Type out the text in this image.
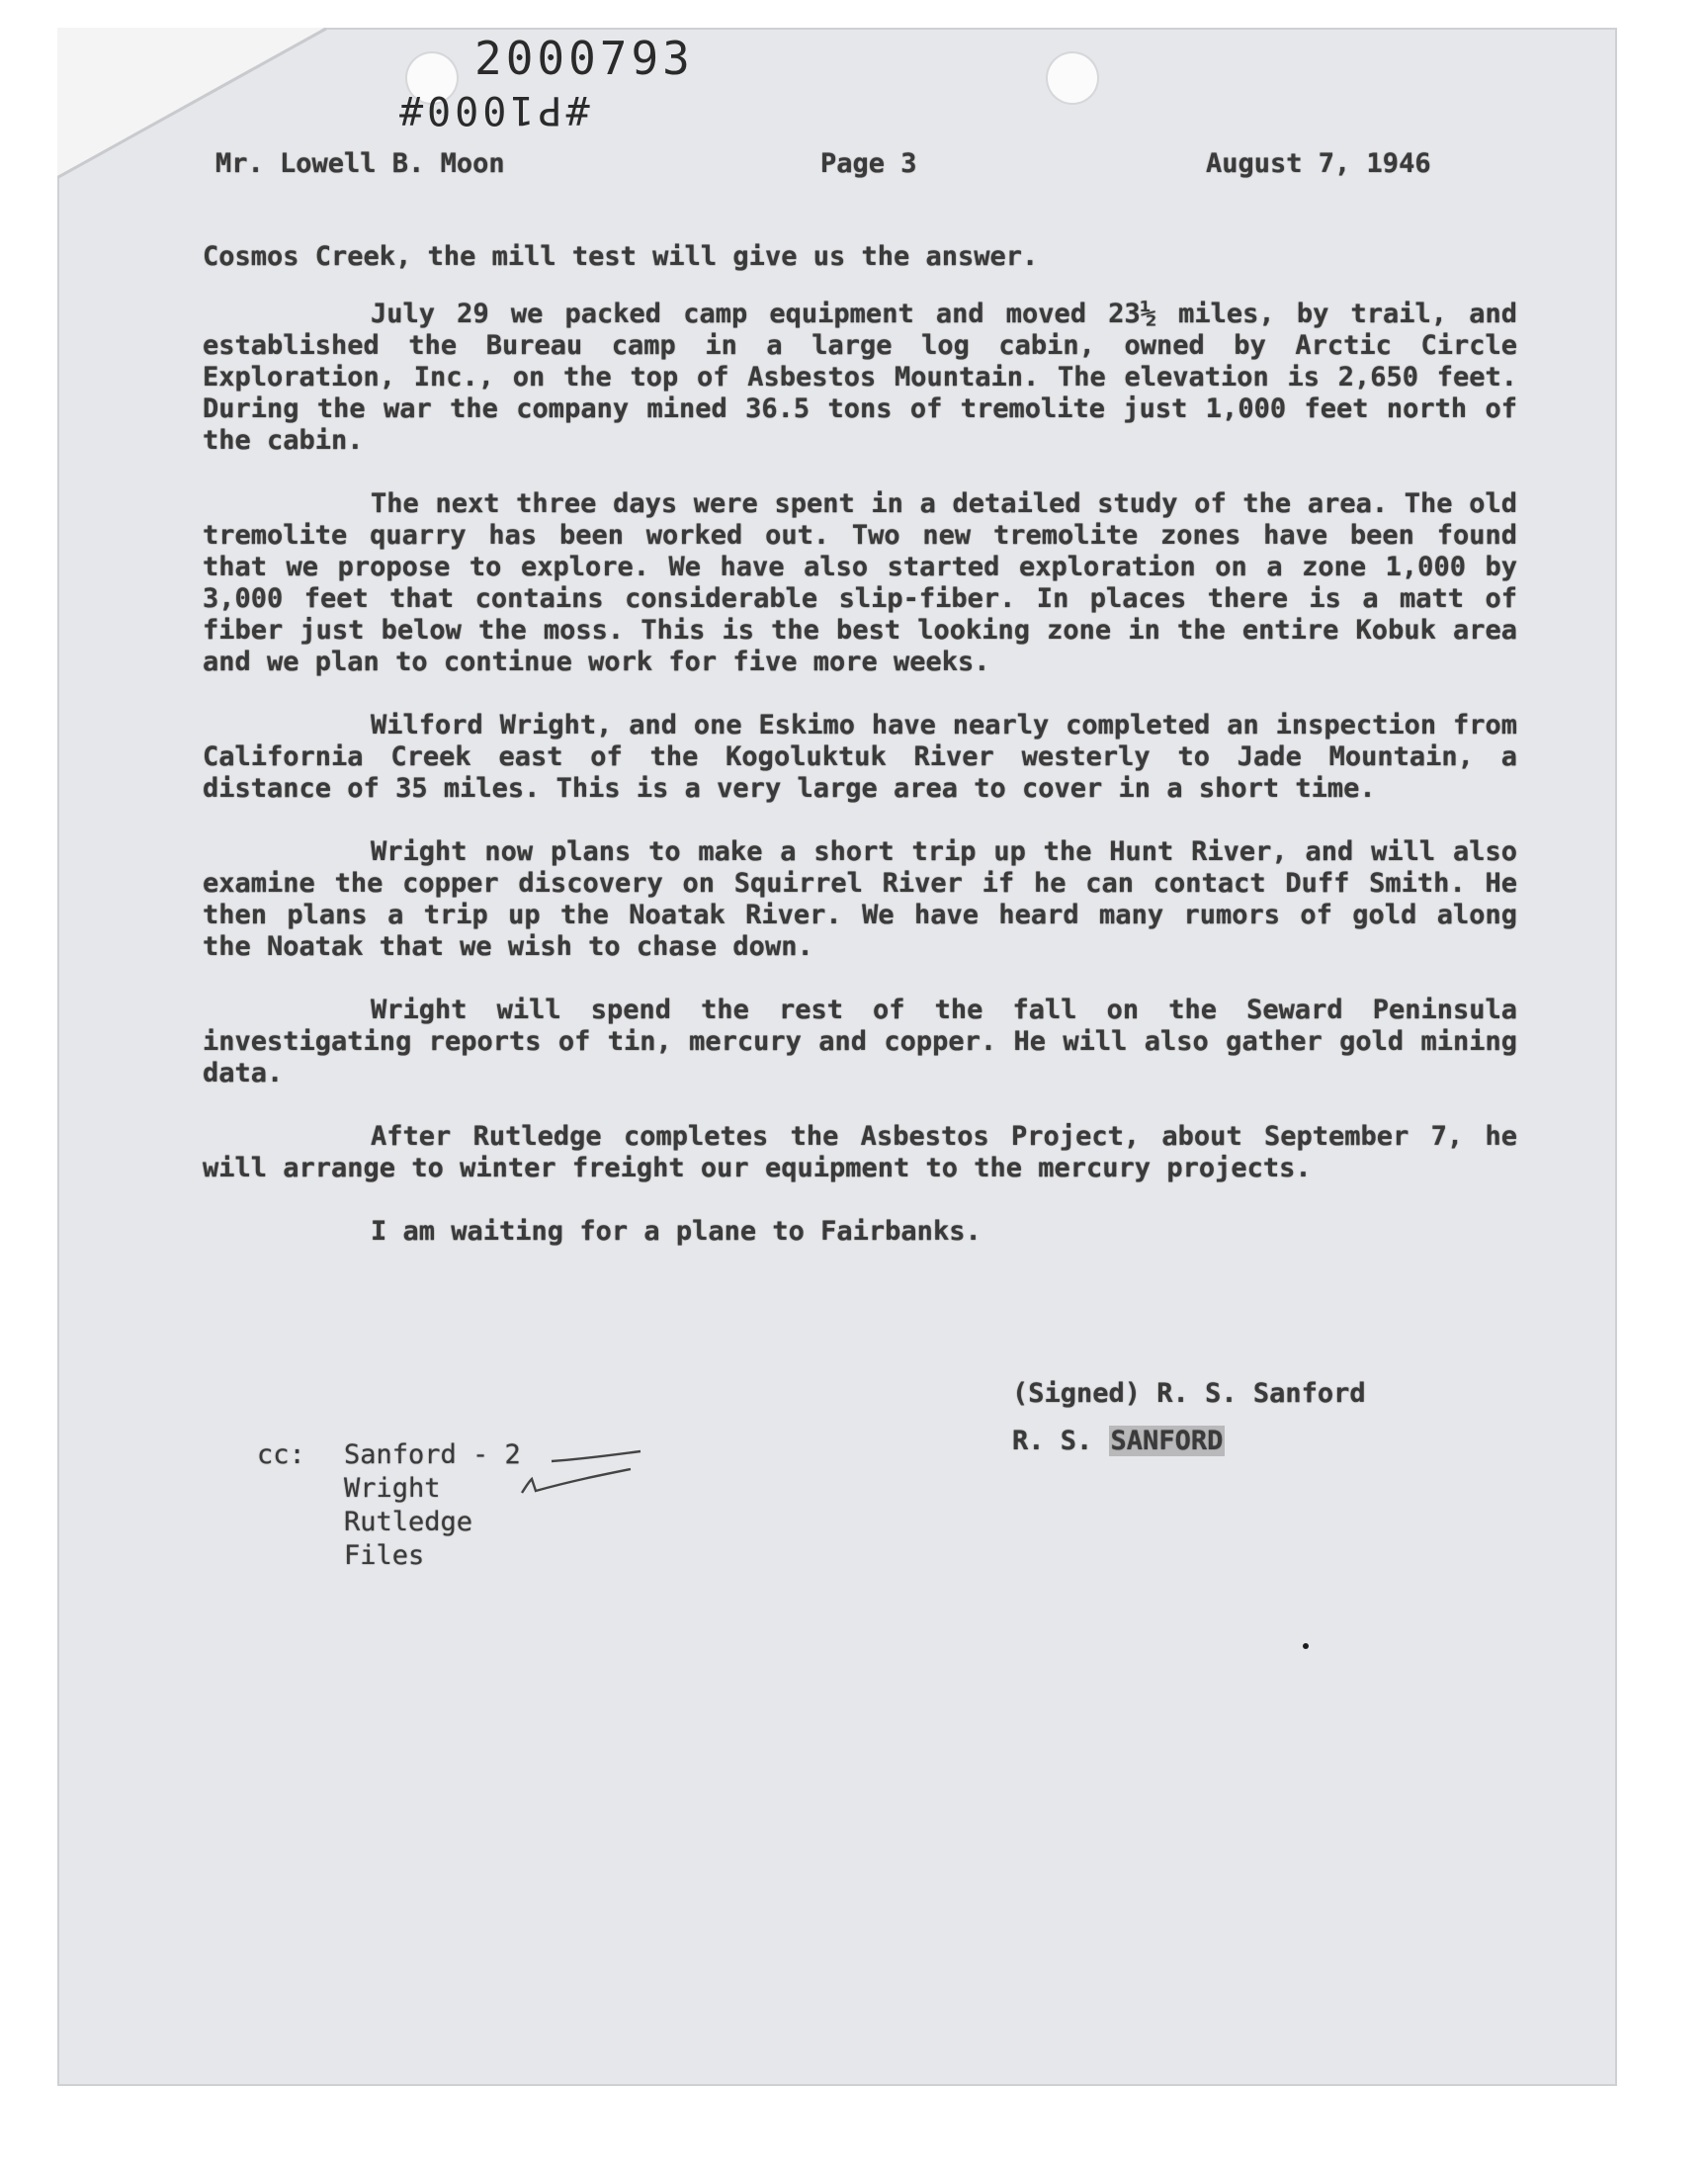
2000793
#P1000#
Mr. Lowell B. Moon	Page 3	August 7, 1946

Cosmos Creek, the mill test will give us the answer.

July 29 we packed camp equipment and moved 23½ miles, by trail, and established the Bureau camp in a large log cabin, owned by Arctic Circle Exploration, Inc., on the top of Asbestos Mountain. The elevation is 2,650 feet. During the war the company mined 36.5 tons of tremolite just 1,000 feet north of the cabin.

The next three days were spent in a detailed study of the area. The old tremolite quarry has been worked out. Two new tremolite zones have been found that we propose to explore. We have also started exploration on a zone 1,000 by 3,000 feet that contains considerable slip-fiber. In places there is a matt of fiber just below the moss. This is the best looking zone in the entire Kobuk area and we plan to continue work for five more weeks.

Wilford Wright, and one Eskimo have nearly completed an inspection from California Creek east of the Kogoluktuk River westerly to Jade Mountain, a distance of 35 miles. This is a very large area to cover in a short time.

Wright now plans to make a short trip up the Hunt River, and will also examine the copper discovery on Squirrel River if he can contact Duff Smith. He then plans a trip up the Noatak River. We have heard many rumors of gold along the Noatak that we wish to chase down.

Wright will spend the rest of the fall on the Seward Peninsula investigating reports of tin, mercury and copper. He will also gather gold mining data.

After Rutledge completes the Asbestos Project, about September 7, he will arrange to winter freight our equipment to the mercury projects.

I am waiting for a plane to Fairbanks.

(Signed) R. S. Sanford
R. S. SANFORD
cc: Sanford - 2
Wright
Rutledge
Files
